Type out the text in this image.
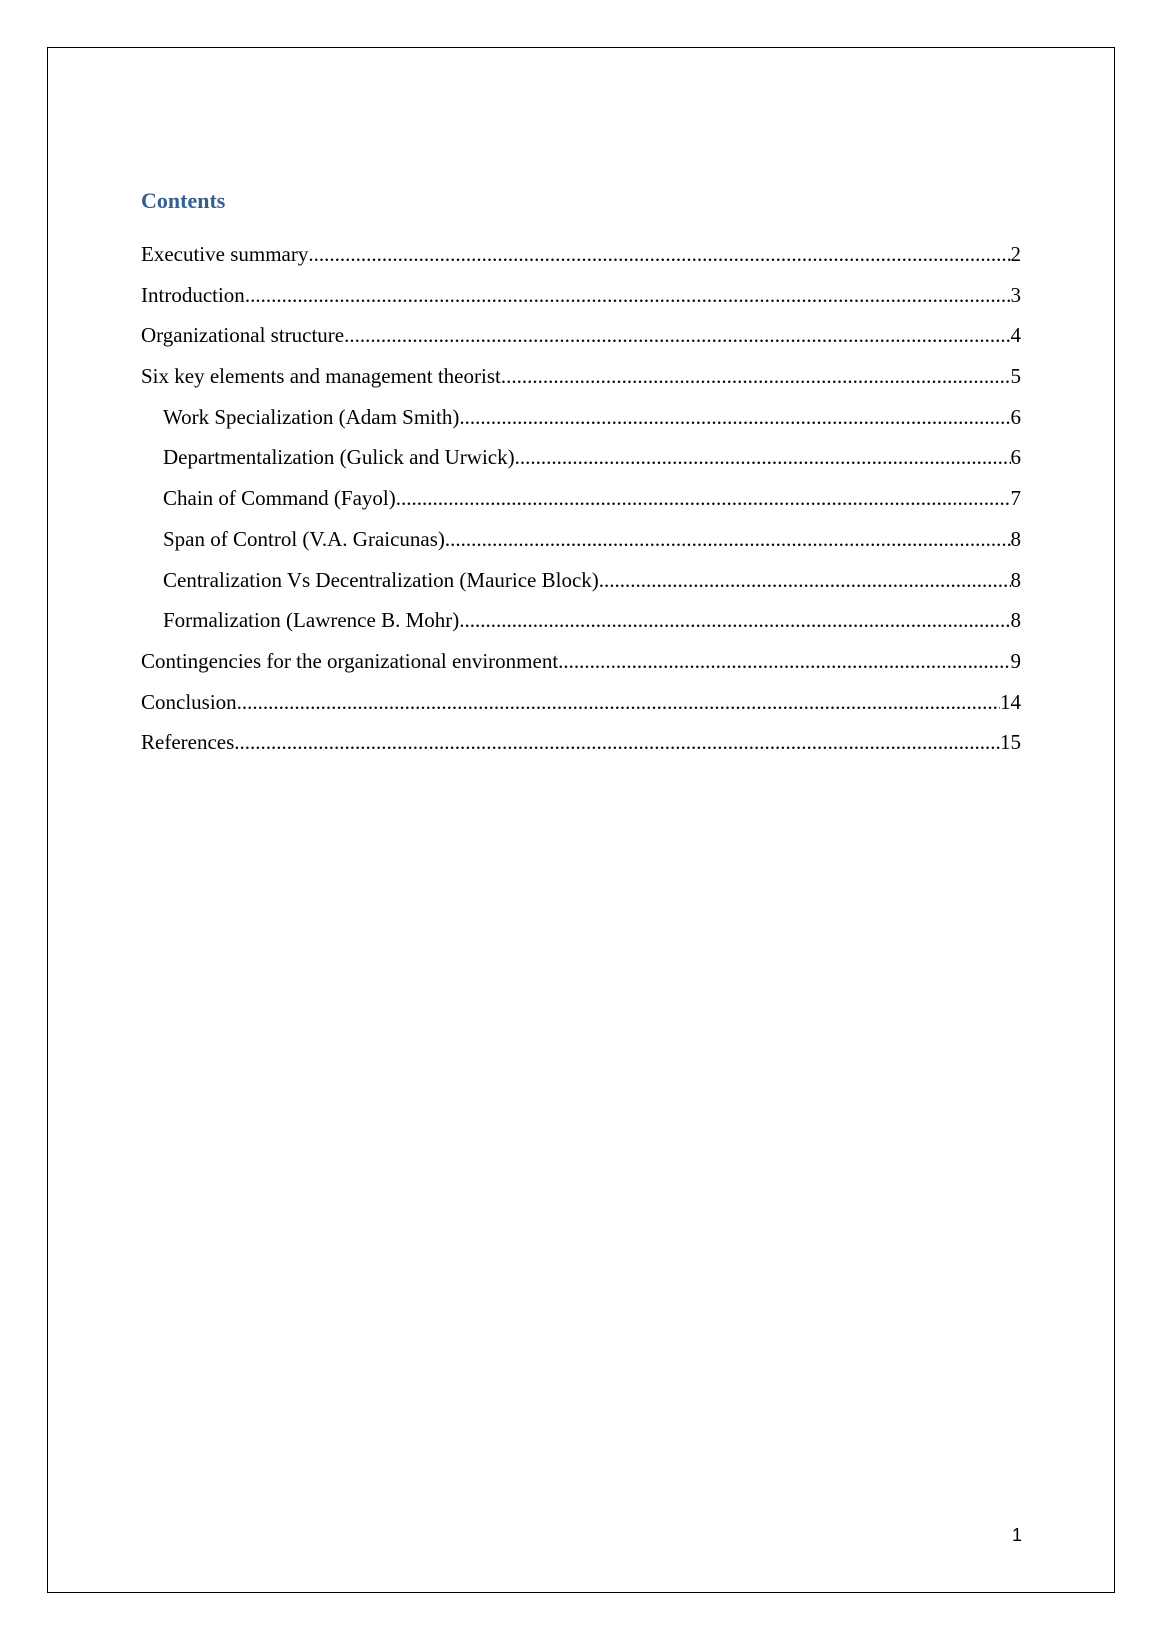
Contents
Executive summary .....	2
Introduction .....	3
Organizational structure .....	4
Six key elements and management theorist .....	5
Work Specialization (Adam Smith) .....	6
Departmentalization (Gulick and Urwick) .....	6
Chain of Command (Fayol) .....	7
Span of Control (V.A. Graicunas) .....	8
Centralization Vs Decentralization (Maurice Block) .....	8
Formalization (Lawrence B. Mohr) .....	8
Contingencies for the organizational environment .....	9
Conclusion .....	14
References .....	15
1
